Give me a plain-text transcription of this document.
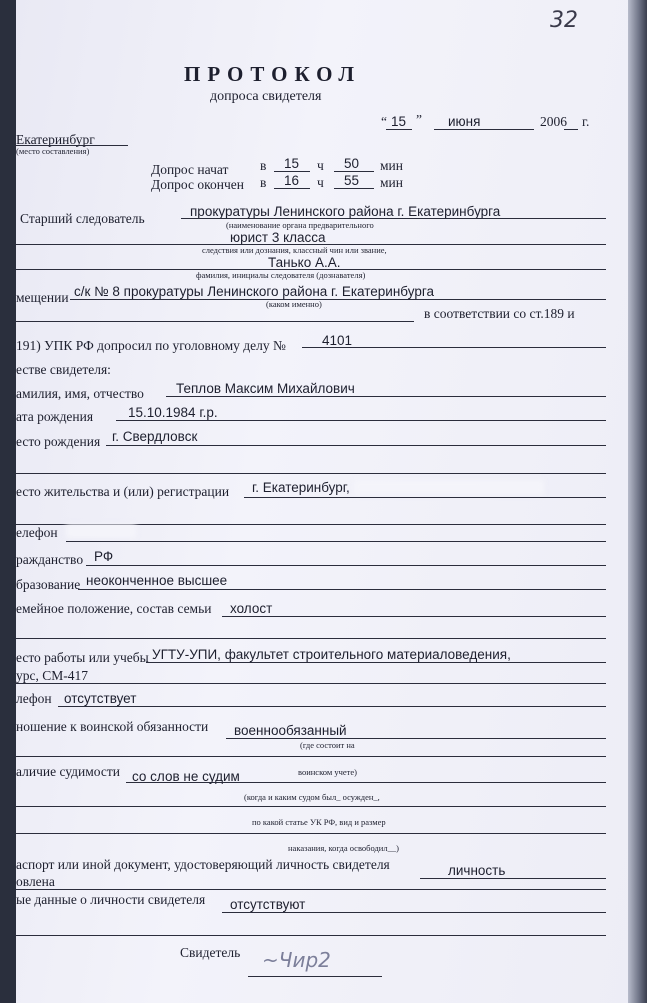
32
ПРОТОКОЛ
допроса свидетеля
“ 15 ” июня	2006 г.
Екатеринбург
(место составления)
Допрос начат в 15 ч 50 мин
Допрос окончен в 16 ч 55 мин
Старший следователь	прокуратуры Ленинского района г. Екатеринбурга
(наименование органа предварительного
юрист 3 класса
следствия или дознания, классный чин или звание,
Танько А.А.
фамилия, инициалы следователя (дознавателя)
мещении с/к № 8 прокуратуры Ленинского района г. Екатеринбурга
(каком именно)
в соответствии со ст.189 и
191) УПК РФ допросил по уголовному делу №	4101
естве свидетеля:
амилия, имя, отчество Теплов Максим Михайлович
ата рождения	15.10.1984 г.р.
есто рождения г. Свердловск
есто жительства и (или) регистрации г. Екатеринбург,
елефон
ражданство РФ
бразование неоконченное высшее
емейное положение, состав семьи холост
есто работы или учебы УГТУ-УПИ, факультет строительного материаловедения,
урс, СМ-417
лефон отсутствует
ношение к воинской обязанности военнообязанный
(где состоит на
воинском учете)
аличие судимости со слов не судим
(когда и каким судом был_ осужден_,
по какой статье УК РФ, вид и размер
наказания, когда освободил__)
аспорт или иной документ, удостоверяющий личность свидетеля	личность
овлена
ые данные о личности свидетеля отсутствуют
Свидетель ~Чир2
